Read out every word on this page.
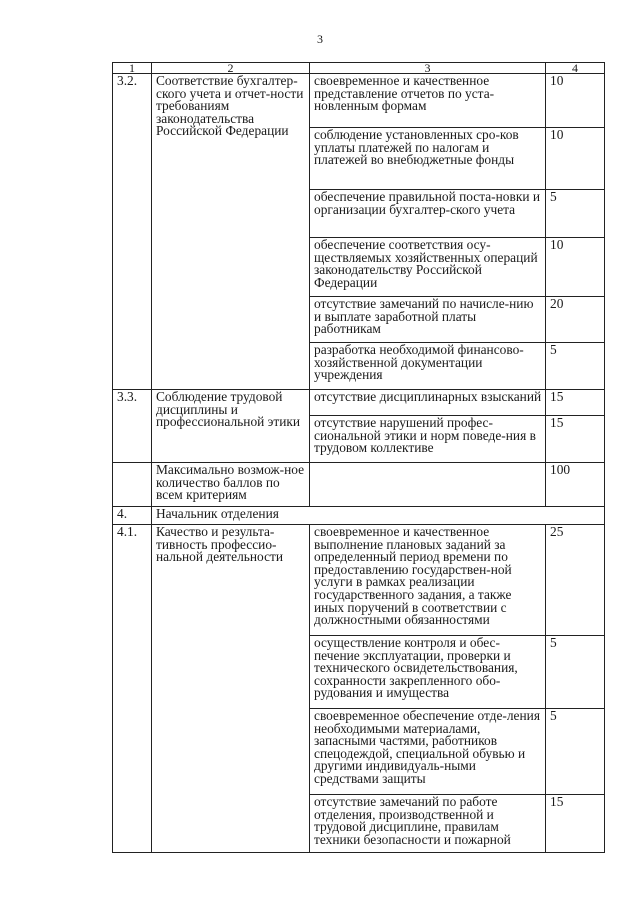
3
1	2	3	4
3.2.	Соответствие бухгалтер-ского учета и отчет-ности требованиям законодательства Российской Федерации	своевременное и качественное представление отчетов по уста-новленным формам	10
		соблюдение установленных сро-ков уплаты платежей по налогам и платежей во внебюджетные фонды	10
		обеспечение правильной поста-новки и организации бухгалтер-ского учета	5
		обеспечение соответствия осу-ществляемых хозяйственных операций законодательству Российской Федерации	10
		отсутствие замечаний по начисле-нию и выплате заработной платы работникам	20
		разработка необходимой финансово-хозяйственной документации учреждения	5
3.3.	Соблюдение трудовой дисциплины и профессиональной этики	отсутствие дисциплинарных взысканий	15
		отсутствие нарушений профес-сиональной этики и норм поведе-ния в трудовом коллективе	15
	Максимально возмож-ное количество баллов по всем критериям		100
4.	Начальник отделения		
4.1.	Качество и результа-тивность профессио-нальной деятельности	своевременное и качественное выполнение плановых заданий за определенный период времени по предоставлению государствен-ной услуги в рамках реализации государственного задания, а также иных поручений в соответствии с должностными обязанностями	25
		осуществление контроля и обес-печение эксплуатации, проверки и технического освидетельствования, сохранности закрепленного обо-рудования и имущества	5
		своевременное обеспечение отде-ления необходимыми материалами, запасными частями, работников спецодеждой, специальной обувью и другими индивидуаль-ными средствами защиты	5
		отсутствие замечаний по работе отделения, производственной и трудовой дисциплине, правилам техники безопасности и пожарной	15
